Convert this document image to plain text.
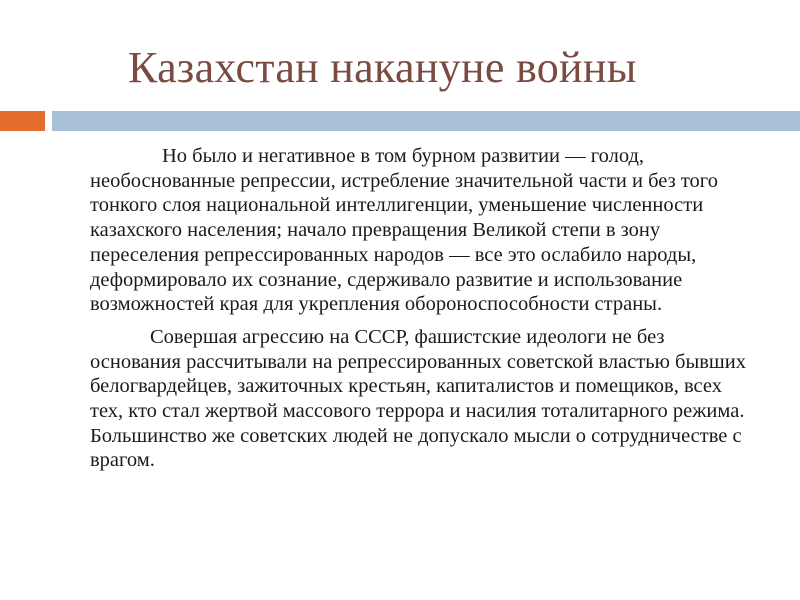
Казахстан накануне войны

Но было и негативное в том бурном развитии — голод, необоснованные репрессии, истребление значительной части и без того тонкого слоя национальной интеллигенции, уменьшение численности казахского населения; начало превращения Великой степи в зону переселения репрессированных народов — все это ослабило народы, деформировало их сознание, сдерживало развитие и использование возможностей края для укрепления обороноспособности страны.

Совершая агрессию на СССР, фашистские идеологи не без основания рассчитывали на репрессированных советской властью бывших белогвардейцев, зажиточных крестьян, капиталистов и помещиков, всех тех, кто стал жертвой массового террора и насилия тоталитарного режима. Большинство же советских людей не допускало мысли о сотрудничестве с врагом.
